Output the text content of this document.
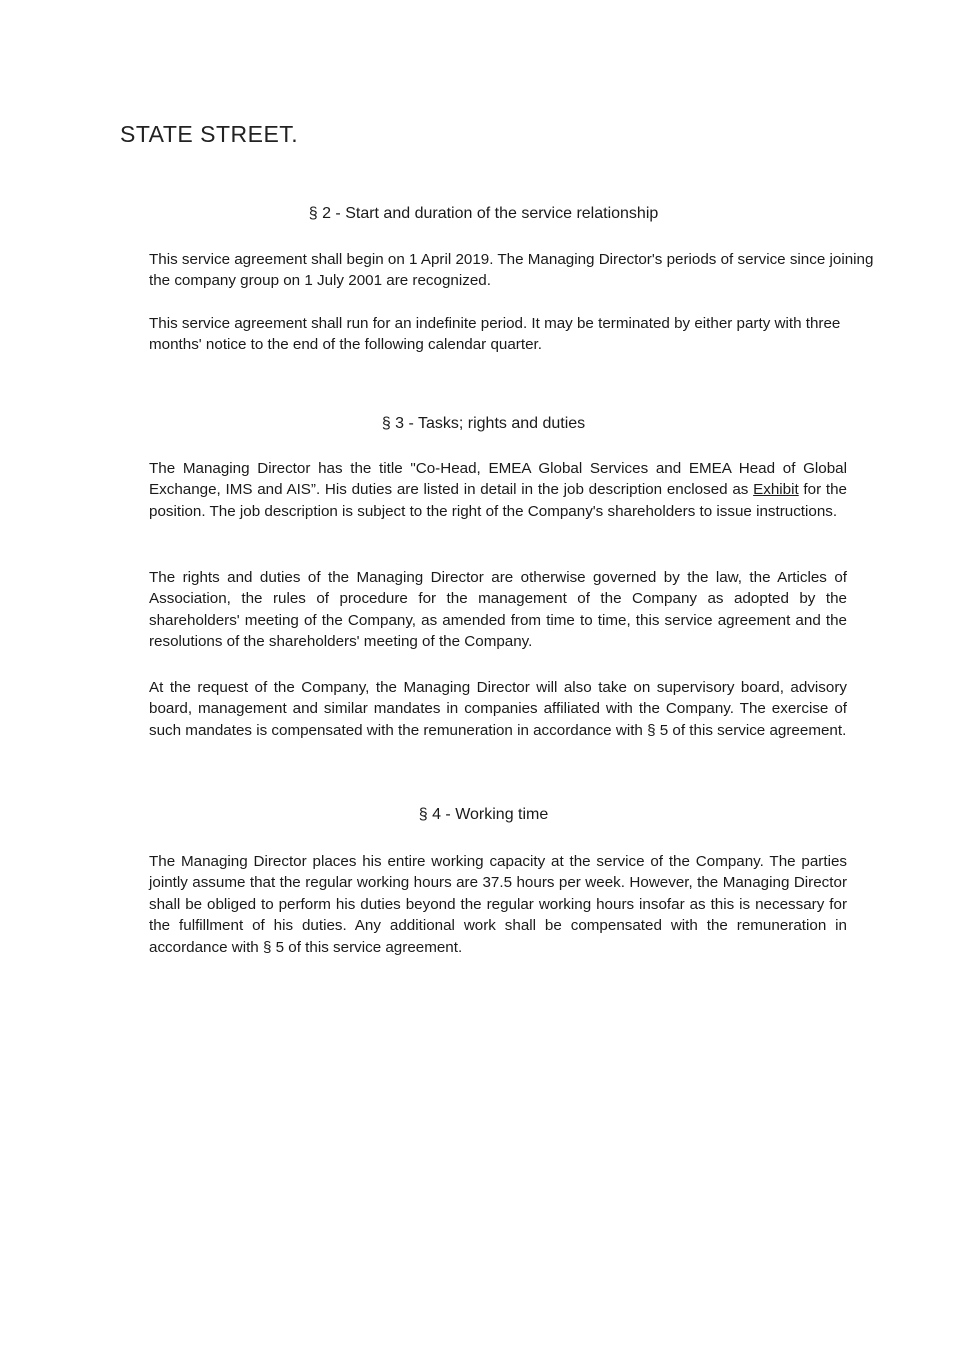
STATE STREET.
§ 2 - Start and duration of the service relationship

This service agreement shall begin on 1 April 2019. The Managing Director's periods of service since joining the company group on 1 July 2001 are recognized.

This service agreement shall run for an indefinite period. It may be terminated by either party with three months' notice to the end of the following calendar quarter.

§ 3 - Tasks; rights and duties

The Managing Director has the title "Co-Head, EMEA Global Services and EMEA Head of Global Exchange, IMS and AIS”. His duties are listed in detail in the job description enclosed as Exhibit for the position. The job description is subject to the right of the Company's shareholders to issue instructions.

The rights and duties of the Managing Director are otherwise governed by the law, the Articles of Association, the rules of procedure for the management of the Company as adopted by the shareholders' meeting of the Company, as amended from time to time, this service agreement and the resolutions of the shareholders' meeting of the Company.

At the request of the Company, the Managing Director will also take on supervisory board, advisory board, management and similar mandates in companies affiliated with the Company. The exercise of such mandates is compensated with the remuneration in accordance with § 5 of this service agreement.

§ 4 - Working time

The Managing Director places his entire working capacity at the service of the Company. The parties jointly assume that the regular working hours are 37.5 hours per week. However, the Managing Director shall be obliged to perform his duties beyond the regular working hours insofar as this is necessary for the fulfillment of his duties. Any additional work shall be compensated with the remuneration in accordance with § 5 of this service agreement.
